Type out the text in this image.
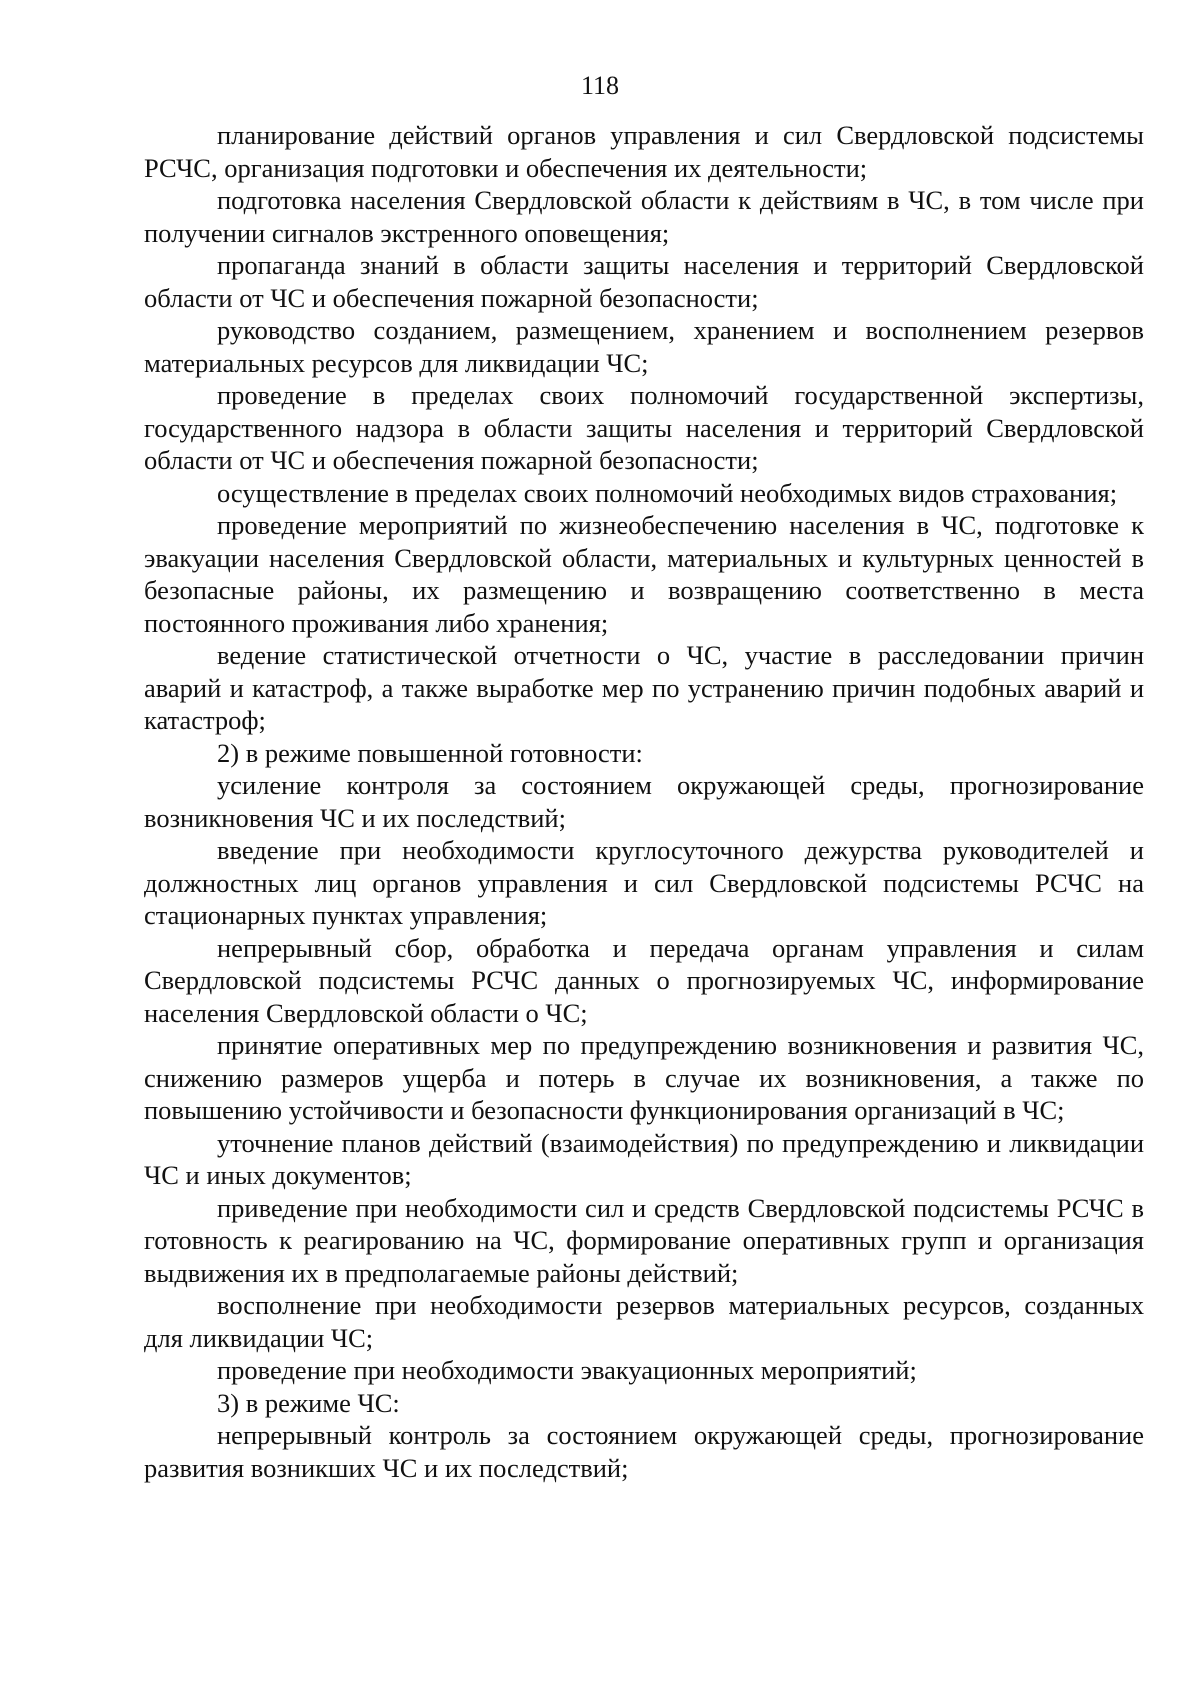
118

планирование действий органов управления и сил Свердловской подсистемы РСЧС, организация подготовки и обеспечения их деятельности;

подготовка населения Свердловской области к действиям в ЧС, в том числе при получении сигналов экстренного оповещения;

пропаганда знаний в области защиты населения и территорий Свердловской области от ЧС и обеспечения пожарной безопасности;

руководство созданием, размещением, хранением и восполнением резервов материальных ресурсов для ликвидации ЧС;

проведение в пределах своих полномочий государственной экспертизы, государственного надзора в области защиты населения и территорий Свердловской области от ЧС и обеспечения пожарной безопасности;

осуществление в пределах своих полномочий необходимых видов страхования;

проведение мероприятий по жизнеобеспечению населения в ЧС, подготовке к эвакуации населения Свердловской области, материальных и культурных ценностей в безопасные районы, их размещению и возвращению соответственно в места постоянного проживания либо хранения;

ведение статистической отчетности о ЧС, участие в расследовании причин аварий и катастроф, а также выработке мер по устранению причин подобных аварий и катастроф;

2) в режиме повышенной готовности:

усиление контроля за состоянием окружающей среды, прогнозирование возникновения ЧС и их последствий;

введение при необходимости круглосуточного дежурства руководителей и должностных лиц органов управления и сил Свердловской подсистемы РСЧС на стационарных пунктах управления;

непрерывный сбор, обработка и передача органам управления и силам Свердловской подсистемы РСЧС данных о прогнозируемых ЧС, информирование населения Свердловской области о ЧС;

принятие оперативных мер по предупреждению возникновения и развития ЧС, снижению размеров ущерба и потерь в случае их возникновения, а также по повышению устойчивости и безопасности функционирования организаций в ЧС;

уточнение планов действий (взаимодействия) по предупреждению и ликвидации ЧС и иных документов;

приведение при необходимости сил и средств Свердловской подсистемы РСЧС в готовность к реагированию на ЧС, формирование оперативных групп и организация выдвижения их в предполагаемые районы действий;

восполнение при необходимости резервов материальных ресурсов, созданных для ликвидации ЧС;

проведение при необходимости эвакуационных мероприятий;

3) в режиме ЧС:

непрерывный контроль за состоянием окружающей среды, прогнозирование развития возникших ЧС и их последствий;
